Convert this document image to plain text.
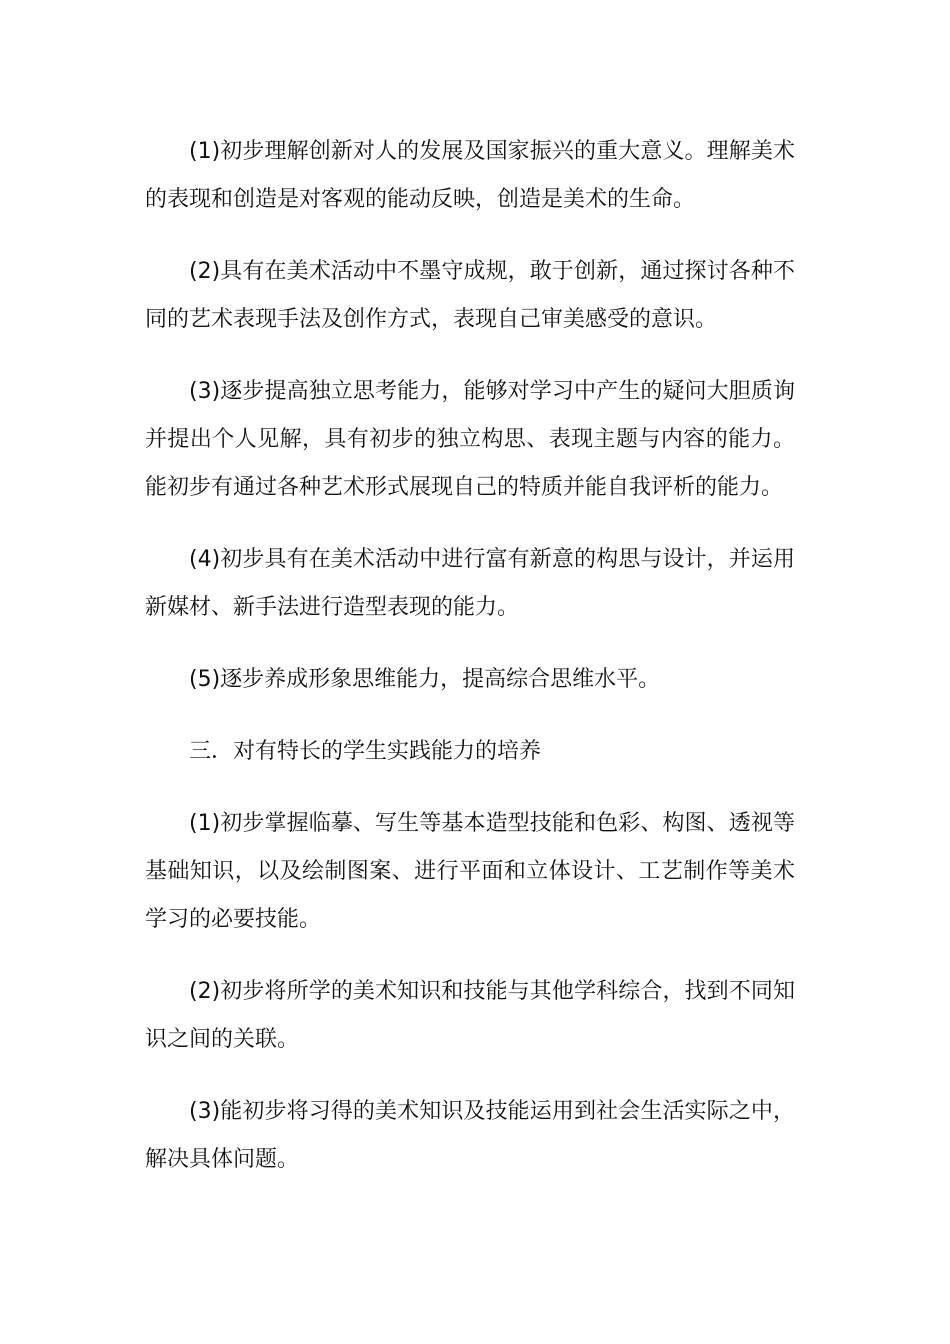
(1)初步理解创新对人的发展及国家振兴的重大意义。理解美术的表现和创造是对客观的能动反映，创造是美术的生命。

(2)具有在美术活动中不墨守成规，敢于创新，通过探讨各种不同的艺术表现手法及创作方式，表现自己审美感受的意识。

(3)逐步提高独立思考能力，能够对学习中产生的疑问大胆质询并提出个人见解，具有初步的独立构思、表现主题与内容的能力。能初步有通过各种艺术形式展现自己的特质并能自我评析的能力。

(4)初步具有在美术活动中进行富有新意的构思与设计，并运用新媒材、新手法进行造型表现的能力。

(5)逐步养成形象思维能力，提高综合思维水平。

三．对有特长的学生实践能力的培养

(1)初步掌握临摹、写生等基本造型技能和色彩、构图、透视等基础知识，以及绘制图案、进行平面和立体设计、工艺制作等美术学习的必要技能。

(2)初步将所学的美术知识和技能与其他学科综合，找到不同知识之间的关联。

(3)能初步将习得的美术知识及技能运用到社会生活实际之中，解决具体问题。
